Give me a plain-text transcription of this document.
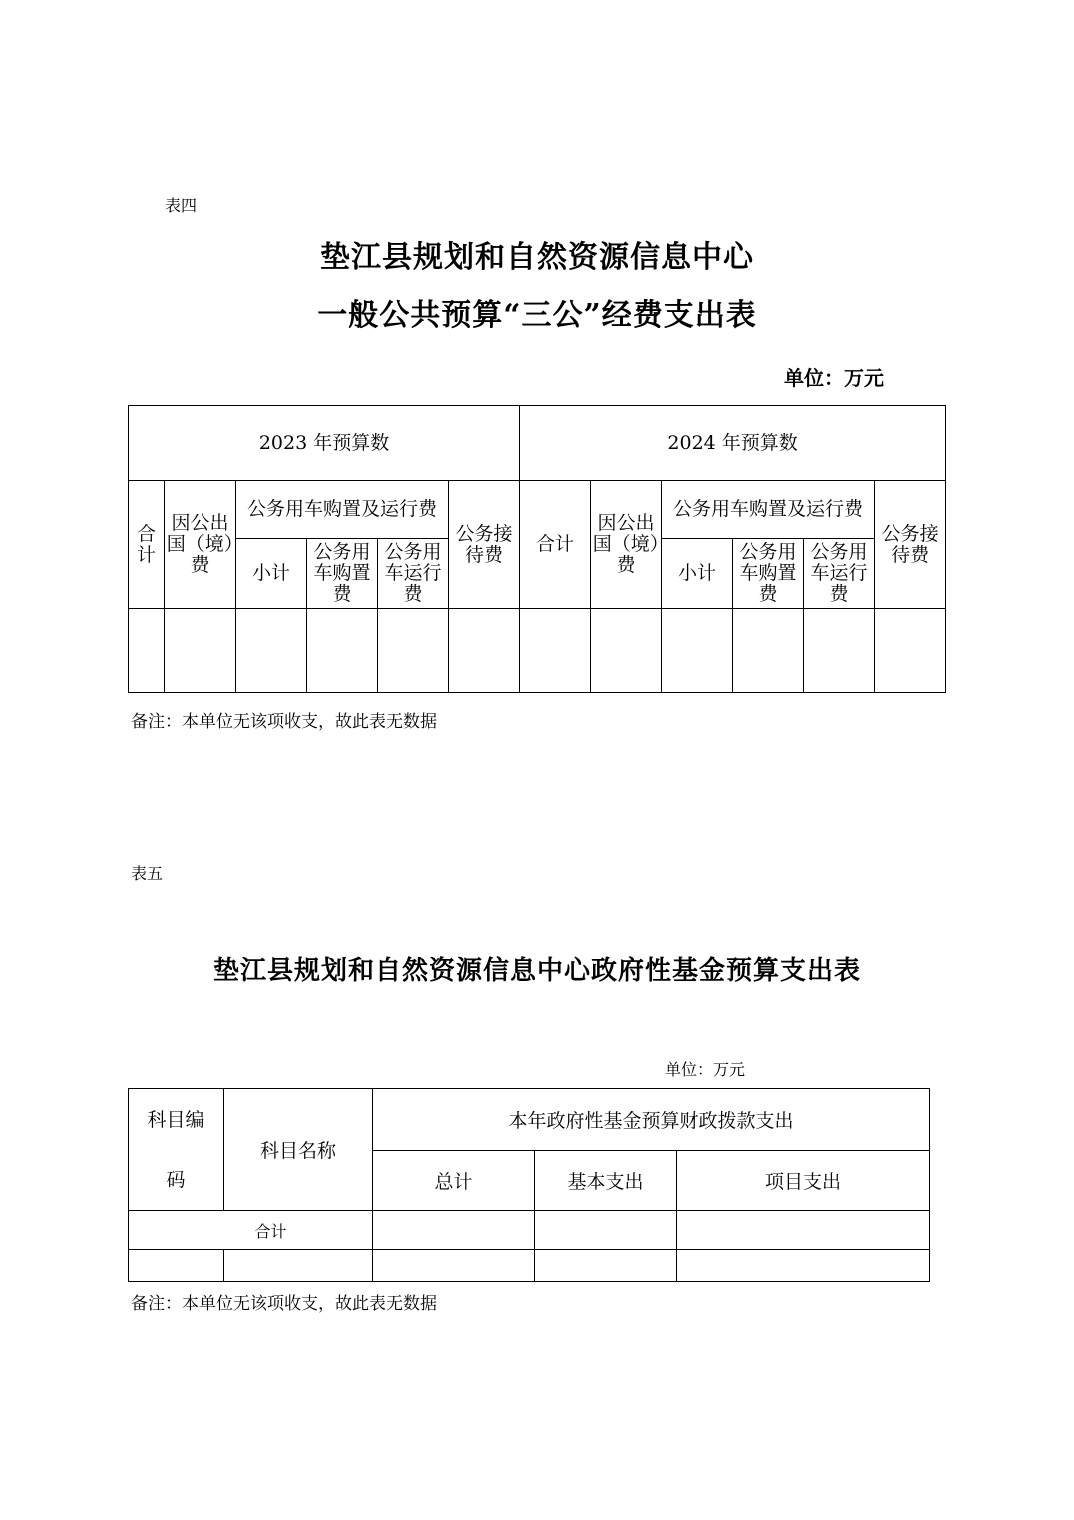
表四
垫江县规划和自然资源信息中心
一般公共预算“三公”经费支出表
单位：万元
2023 年预算数						2024 年预算数					
合计	因公出国（境）费	公务用车购置及运行费			公务接待费	合计	因公出国（境）费	公务用车购置及运行费			公务接待费
		小计	公务用车购置费	公务用车运行费				小计	公务用车购置费	公务用车运行费	

备注：本单位无该项收支，故此表无数据
表五
垫江县规划和自然资源信息中心政府性基金预算支出表
单位：万元
科目编
码	科目名称	本年政府性基金预算财政拨款支出		
		总计	基本支出	项目支出
合计				

备注：本单位无该项收支，故此表无数据
